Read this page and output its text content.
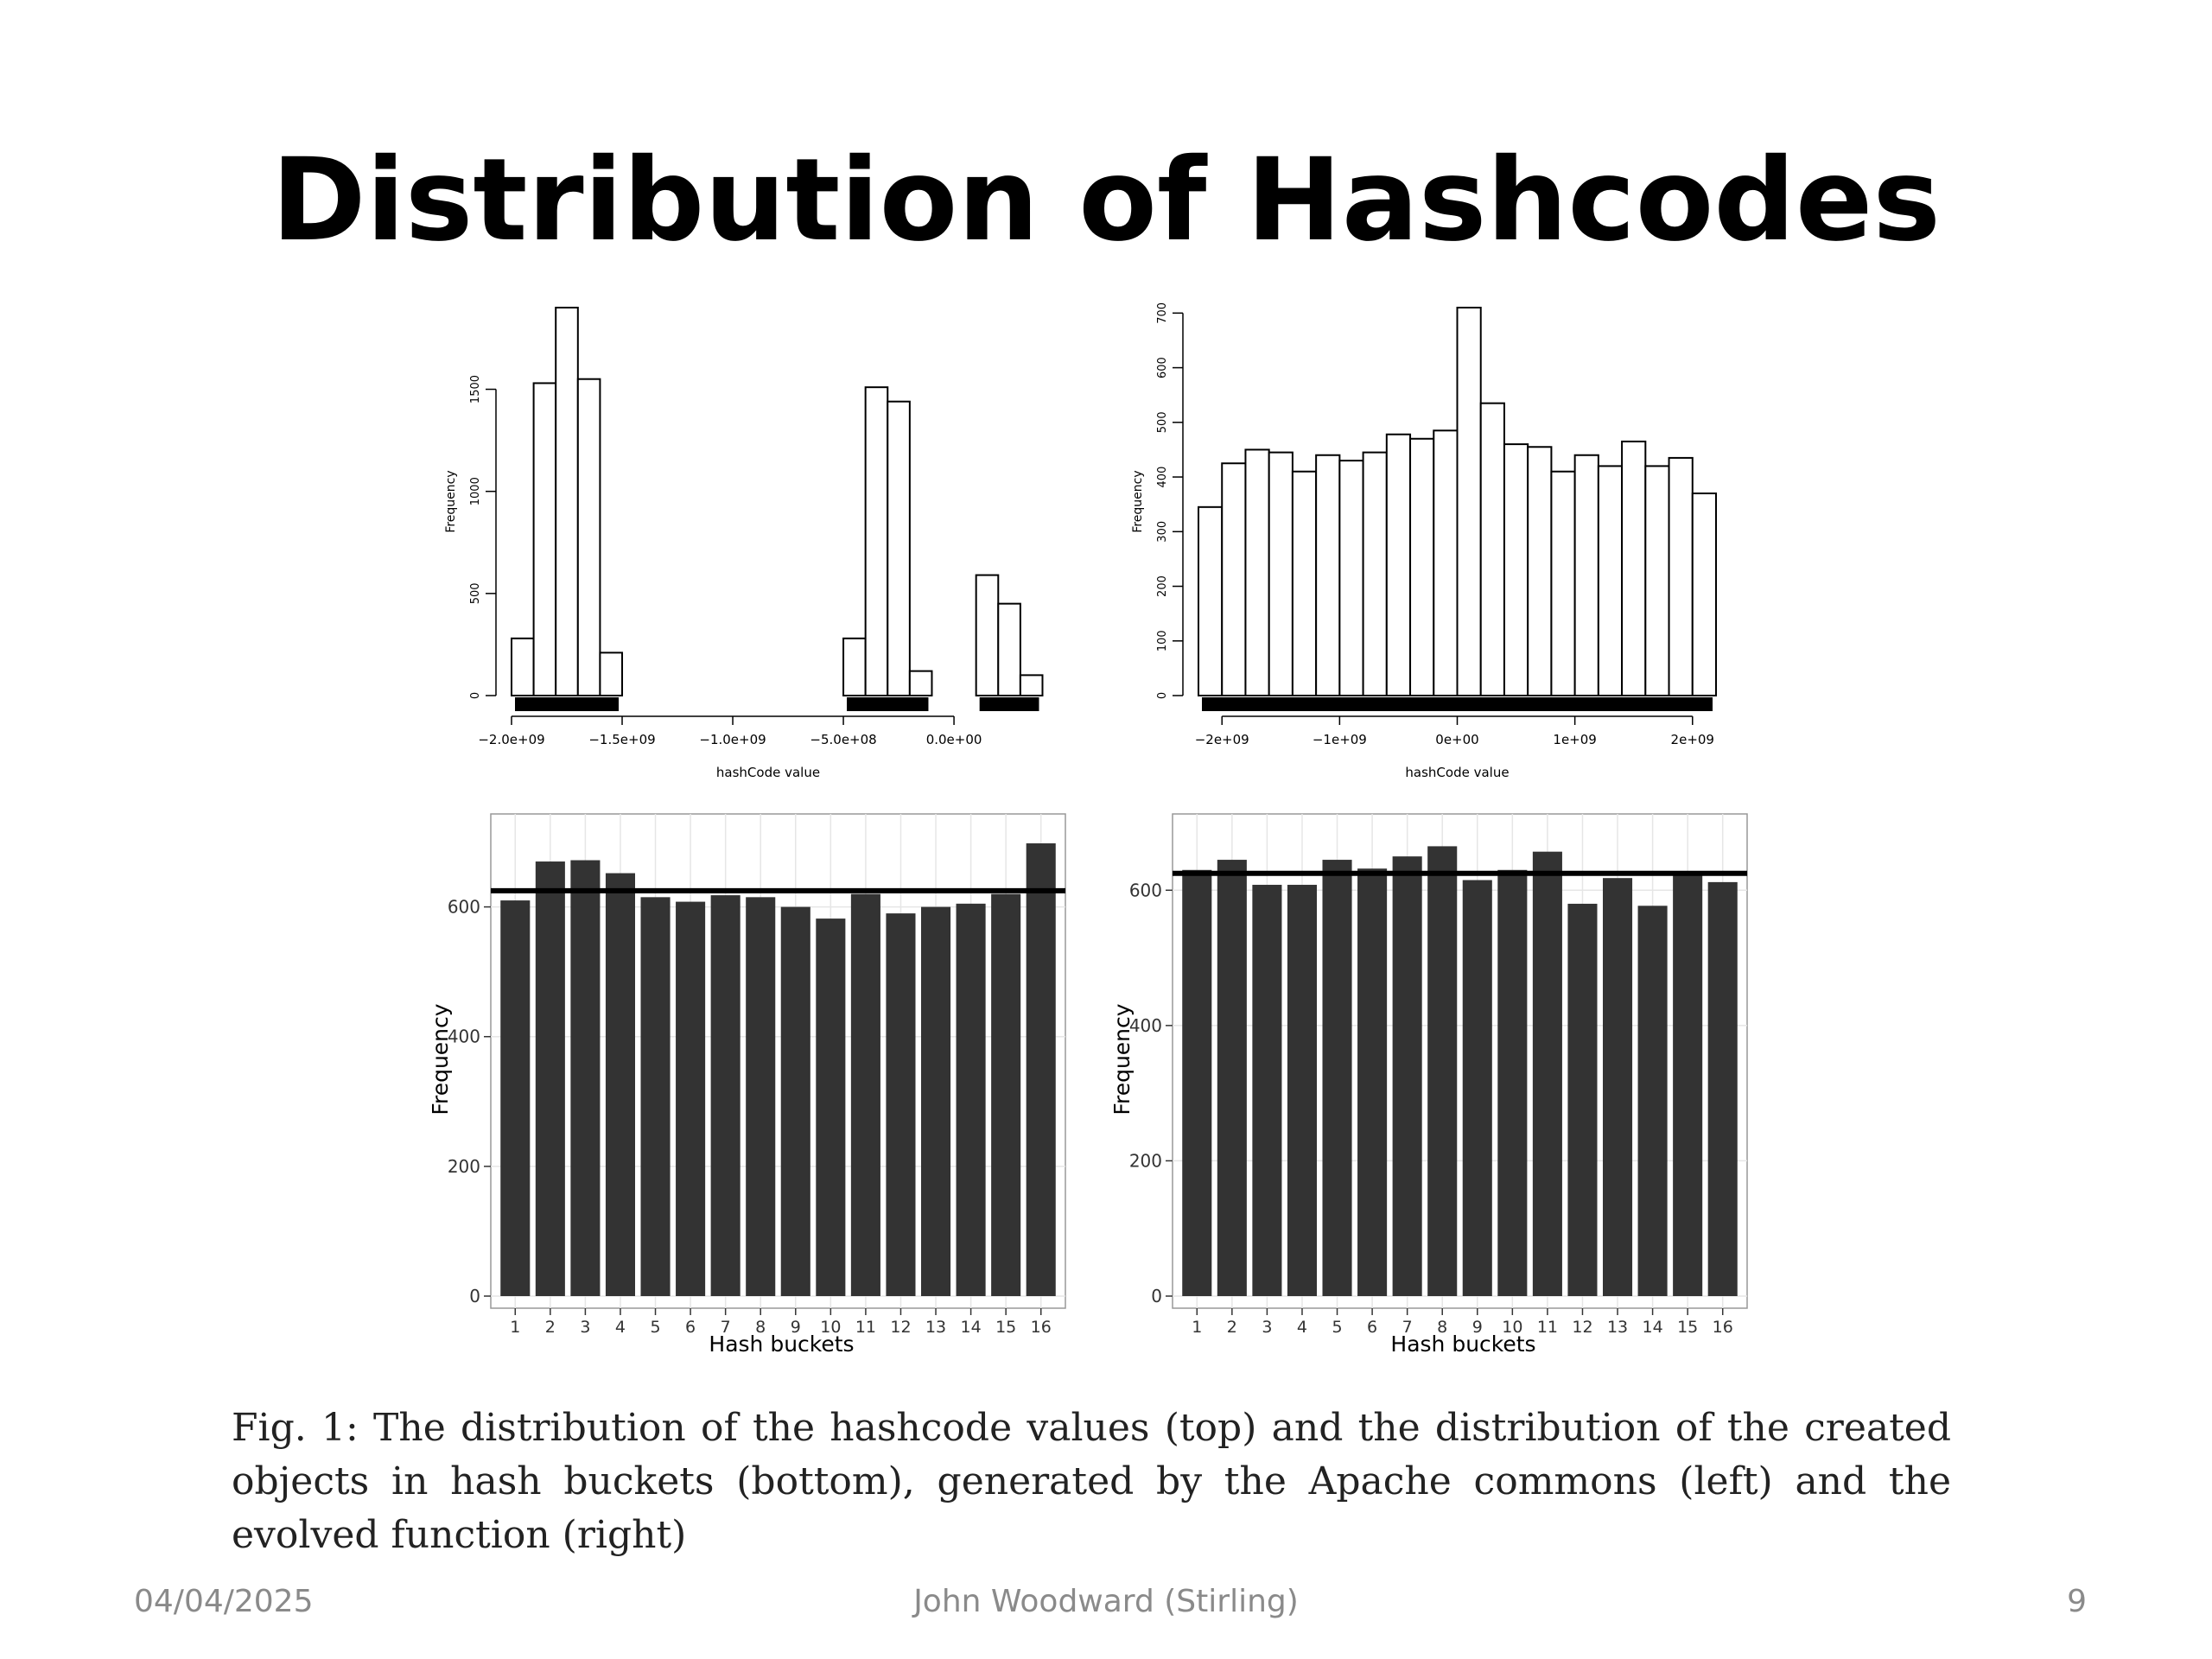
Distribution of Hashcodes
0
500
1000
1500
−2.0e+09	−1.5e+09	−1.0e+09	−5.0e+08	0.0e+00
hashCode value
Frequency
0
100
200
300
400
500
600
700
−2e+09	−1e+09	0e+00	1e+09	2e+09
hashCode value
Frequency
0
200
400
600
1 2 3 4 5 6 7 8 9 10 11 12 13 14 15 16
Hash buckets
Frequency
0
200
400
600
1 2 3 4 5 6 7 8 9 10 11 12 13 14 15 16
Hash buckets
Frequency
Fig. 1: The distribution of the hashcode values (top) and the distribution of the created
objects in hash buckets (bottom), generated by the Apache commons (left) and the
evolved function (right)
04/04/2025	John Woodward (Stirling)	9
